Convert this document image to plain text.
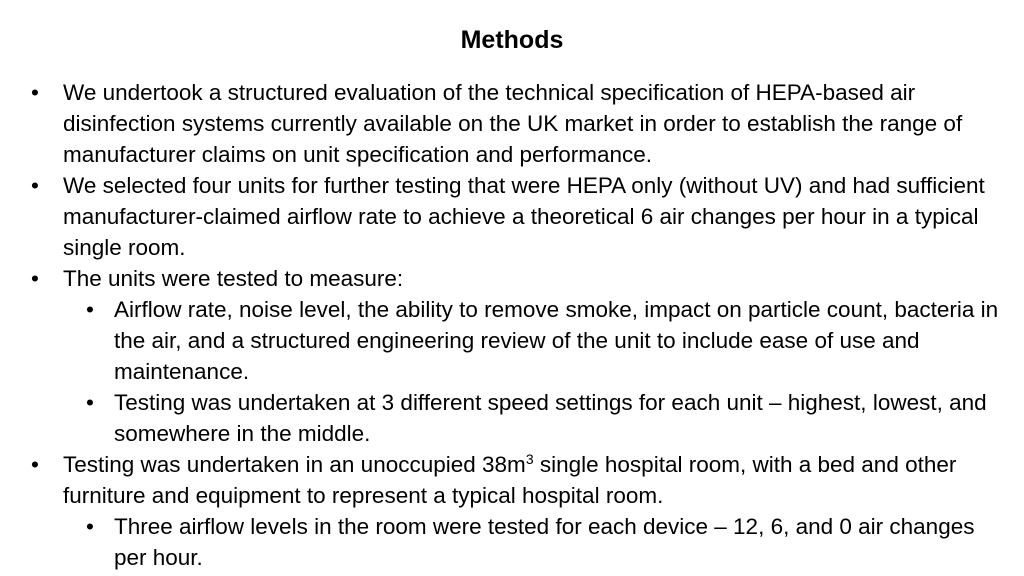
Methods
• We undertook a structured evaluation of the technical specification of HEPA-based air disinfection systems currently available on the UK market in order to establish the range of manufacturer claims on unit specification and performance.
• We selected four units for further testing that were HEPA only (without UV) and had sufficient manufacturer-claimed airflow rate to achieve a theoretical 6 air changes per hour in a typical single room.
• The units were tested to measure:
• Airflow rate, noise level, the ability to remove smoke, impact on particle count, bacteria in the air, and a structured engineering review of the unit to include ease of use and maintenance.
• Testing was undertaken at 3 different speed settings for each unit – highest, lowest, and somewhere in the middle.
• Testing was undertaken in an unoccupied $38m^3$ single hospital room, with a bed and other furniture and equipment to represent a typical hospital room.
• Three airflow levels in the room were tested for each device – 12, 6, and 0 air changes per hour.
